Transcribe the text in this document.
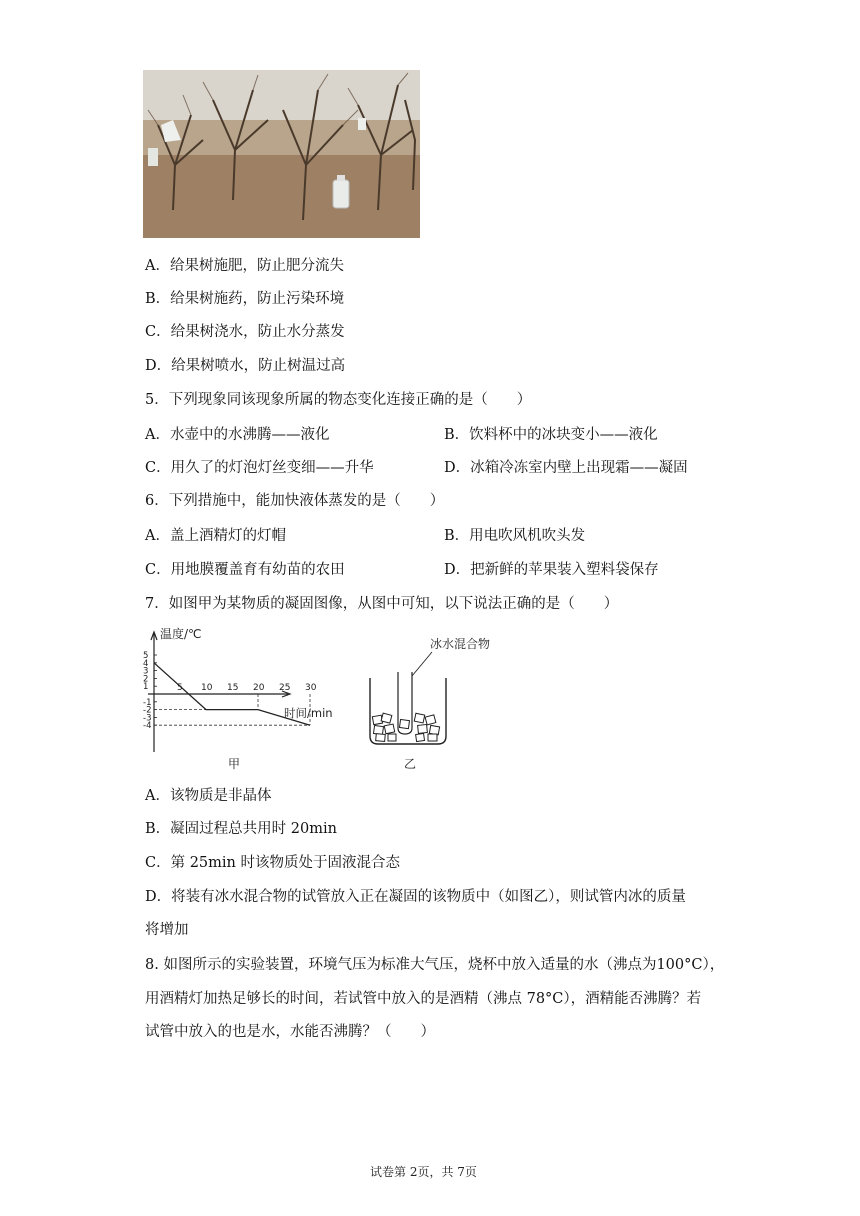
A．给果树施肥，防止肥分流失
B．给果树施药，防止污染环境
C．给果树浇水，防止水分蒸发
D．给果树喷水，防止树温过高
5．下列现象同该现象所属的物态变化连接正确的是（　　）
A．水壶中的水沸腾——液化	B．饮料杯中的冰块变小——液化
C．用久了的灯泡灯丝变细——升华	D．冰箱冷冻室内壁上出现霜——凝固
6．下列措施中，能加快液体蒸发的是（　　）
A．盖上酒精灯的灯帽	B．用电吹风机吹头发
C．用地膜覆盖育有幼苗的农田	D．把新鲜的苹果装入塑料袋保存
7．如图甲为某物质的凝固图像，从图中可知，以下说法正确的是（　　）
温度/℃
时间/min
5
4
3
2
1
-1
-2
-3
-4
5 10 15 20 25 30
甲
冰水混合物
乙
A．该物质是非晶体
B．凝固过程总共用时 20min
C．第 25min 时该物质处于固液混合态
D．将装有冰水混合物的试管放入正在凝固的该物质中（如图乙），则试管内冰的质量
将增加
8. 如图所示的实验装置，环境气压为标准大气压，烧杯中放入适量的水（沸点为100°C），
用酒精灯加热足够长的时间，若试管中放入的是酒精（沸点 78°C），酒精能否沸腾？若
试管中放入的也是水，水能否沸腾？（　　）
试卷第 2页，共 7页
